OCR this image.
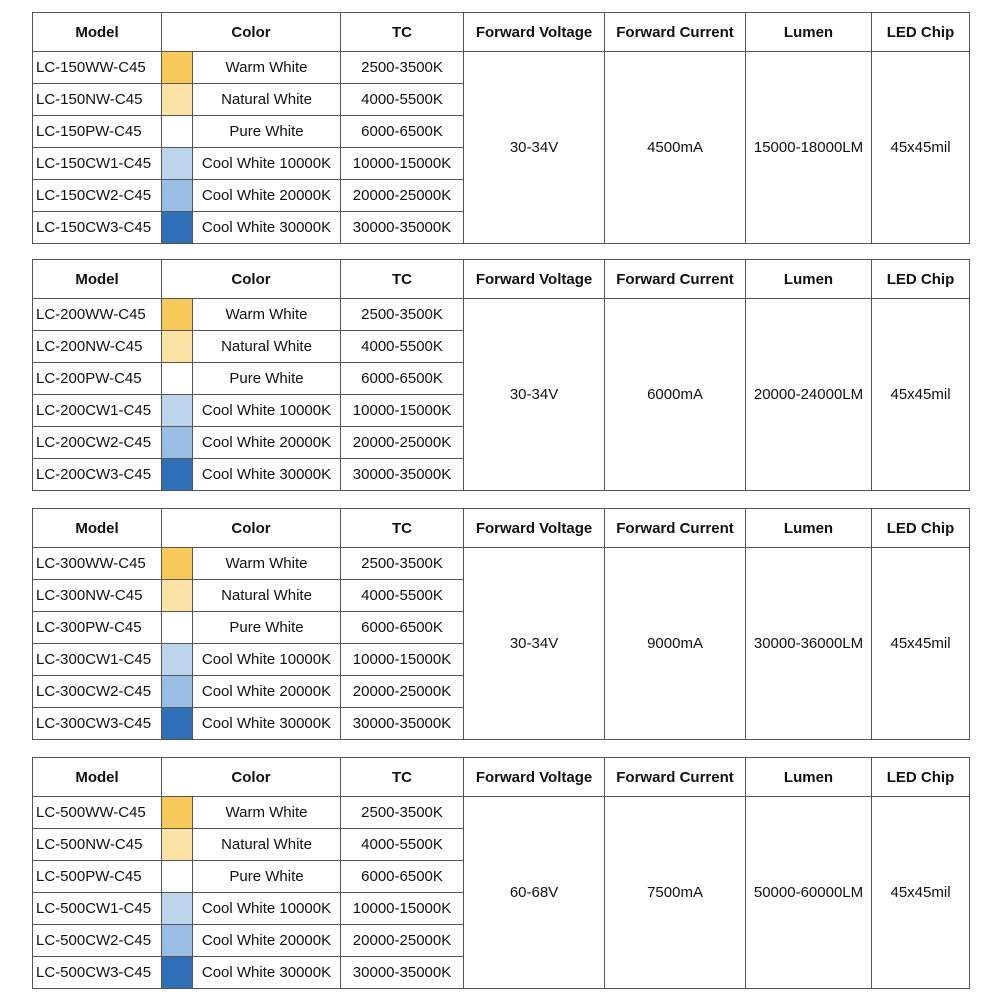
Model	Color		TC	Forward Voltage	Forward Current	Lumen	LED Chip
LC-150WW-C45		Warm White	2500-3500K	30-34V	4500mA	15000-18000LM	45x45mil
LC-150NW-C45		Natural White	4000-5500K				
LC-150PW-C45		Pure White	6000-6500K				
LC-150CW1-C45		Cool White 10000K	10000-15000K				
LC-150CW2-C45		Cool White 20000K	20000-25000K				
LC-150CW3-C45		Cool White 30000K	30000-35000K				
Model	Color		TC	Forward Voltage	Forward Current	Lumen	LED Chip
LC-200WW-C45		Warm White	2500-3500K	30-34V	6000mA	20000-24000LM	45x45mil
LC-200NW-C45		Natural White	4000-5500K				
LC-200PW-C45		Pure White	6000-6500K				
LC-200CW1-C45		Cool White 10000K	10000-15000K				
LC-200CW2-C45		Cool White 20000K	20000-25000K				
LC-200CW3-C45		Cool White 30000K	30000-35000K				
Model	Color		TC	Forward Voltage	Forward Current	Lumen	LED Chip
LC-300WW-C45		Warm White	2500-3500K	30-34V	9000mA	30000-36000LM	45x45mil
LC-300NW-C45		Natural White	4000-5500K				
LC-300PW-C45		Pure White	6000-6500K				
LC-300CW1-C45		Cool White 10000K	10000-15000K				
LC-300CW2-C45		Cool White 20000K	20000-25000K				
LC-300CW3-C45		Cool White 30000K	30000-35000K				
Model	Color		TC	Forward Voltage	Forward Current	Lumen	LED Chip
LC-500WW-C45		Warm White	2500-3500K	60-68V	7500mA	50000-60000LM	45x45mil
LC-500NW-C45		Natural White	4000-5500K				
LC-500PW-C45		Pure White	6000-6500K				
LC-500CW1-C45		Cool White 10000K	10000-15000K				
LC-500CW2-C45		Cool White 20000K	20000-25000K				
LC-500CW3-C45		Cool White 30000K	30000-35000K				
